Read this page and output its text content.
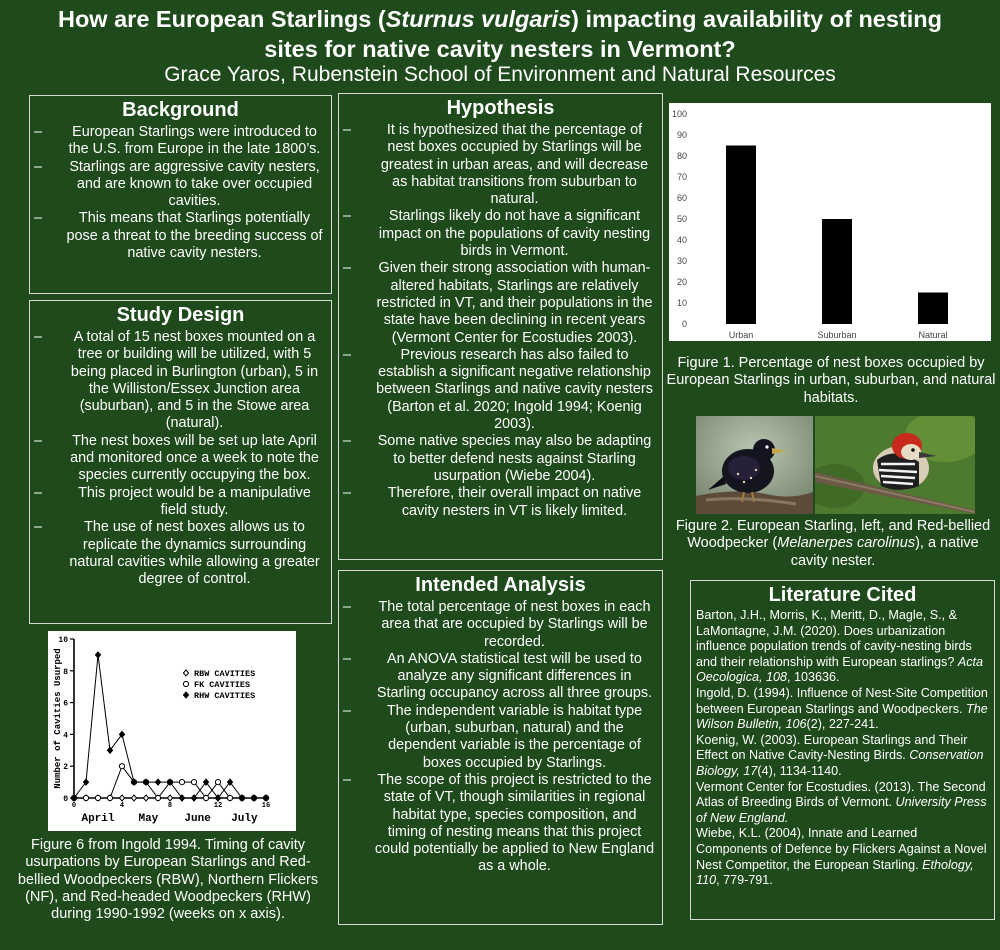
How are European Starlings (Sturnus vulgaris) impacting availability of nesting
sites for native cavity nesters in Vermont?
Grace Yaros, Rubenstein School of Environment and Natural Resources
Background
– European Starlings were introduced to the U.S. from Europe in the late 1800’s.
– Starlings are aggressive cavity nesters, and are known to take over occupied cavities.
–	This means that Starlings potentially pose a threat to the breeding success of native cavity nesters.
Study Design
– A total of 15 nest boxes mounted on a tree or building will be utilized, with 5 being placed in Burlington (urban), 5 in the Williston/Essex Junction area (suburban), and 5 in the Stowe area (natural).
– The nest boxes will be set up late April and monitored once a week to note the species currently occupying the box.
–	This project would be a manipulative field study.
–	The use of nest boxes allows us to replicate the dynamics surrounding natural cavities while allowing a greater degree of control.
Hypothesis
– It is hypothesized that the percentage of nest boxes occupied by Starlings will be greatest in urban areas, and will decrease as habitat transitions from suburban to natural.
–	Starlings likely do not have a significant impact on the populations of cavity nesting birds in Vermont.
– Given their strong association with human-altered habitats, Starlings are relatively restricted in VT, and their populations in the state have been declining in recent years (Vermont Center for Ecostudies 2003).
–	Previous research has also failed to establish a significant negative relationship between Starlings and native cavity nesters (Barton et al. 2020; Ingold 1994; Koenig 2003).
– Some native species may also be adapting to better defend nests against Starling usurpation (Wiebe 2004).
–	Therefore, their overall impact on native cavity nesters in VT is likely limited.
Intended Analysis
– The total percentage of nest boxes in each area that are occupied by Starlings will be recorded.
–	An ANOVA statistical test will be used to analyze any significant differences in Starling occupancy across all three groups.
– The independent variable is habitat type (urban, suburban, natural) and the dependent variable is the percentage of boxes occupied by Starlings.
– The scope of this project is restricted to the state of VT, though similarities in regional habitat type, species composition, and timing of nesting means that this project could potentially be applied to New England as a whole.
0
10
20
30
40
50
60
70
80
90
100
Urban	Suburban	Natural
Figure 1. Percentage of nest boxes occupied by European Starlings in urban, suburban, and natural habitats.
Figure 2. European Starling, left, and Red-bellied Woodpecker (Melanerpes carolinus), a native cavity nester.
Literature Cited

Barton, J.H., Morris, K., Meritt, D., Magle, S., & LaMontagne, J.M. (2020). Does urbanization influence population trends of cavity-nesting birds and their relationship with European starlings? Acta Oecologica, 108, 103636.

Ingold, D. (1994). Influence of Nest-Site Competition between European Starlings and Woodpeckers. The Wilson Bulletin, 106(2), 227-241.

Koenig, W. (2003). European Starlings and Their Effect on Native Cavity-Nesting Birds. Conservation Biology, 17(4), 1134-1140.

Vermont Center for Ecostudies. (2013). The Second Atlas of Breeding Birds of Vermont. University Press of New England.

Wiebe, K.L. (2004), Innate and Learned Components of Defence by Flickers Against a Novel Nest Competitor, the European Starling. Ethology, 110, 779-791.

0
2
4
6
8
10
0	4	8	12	16
April May June July
Number of Cavities Usurped	RBW CAVITIES
FK CAVITIES
RHW CAVITIES
Figure 6 from Ingold 1994. Timing of cavity usurpations by European Starlings and Red-bellied Woodpeckers (RBW), Northern Flickers (NF), and Red-headed Woodpeckers (RHW) during 1990-1992 (weeks on x axis).
